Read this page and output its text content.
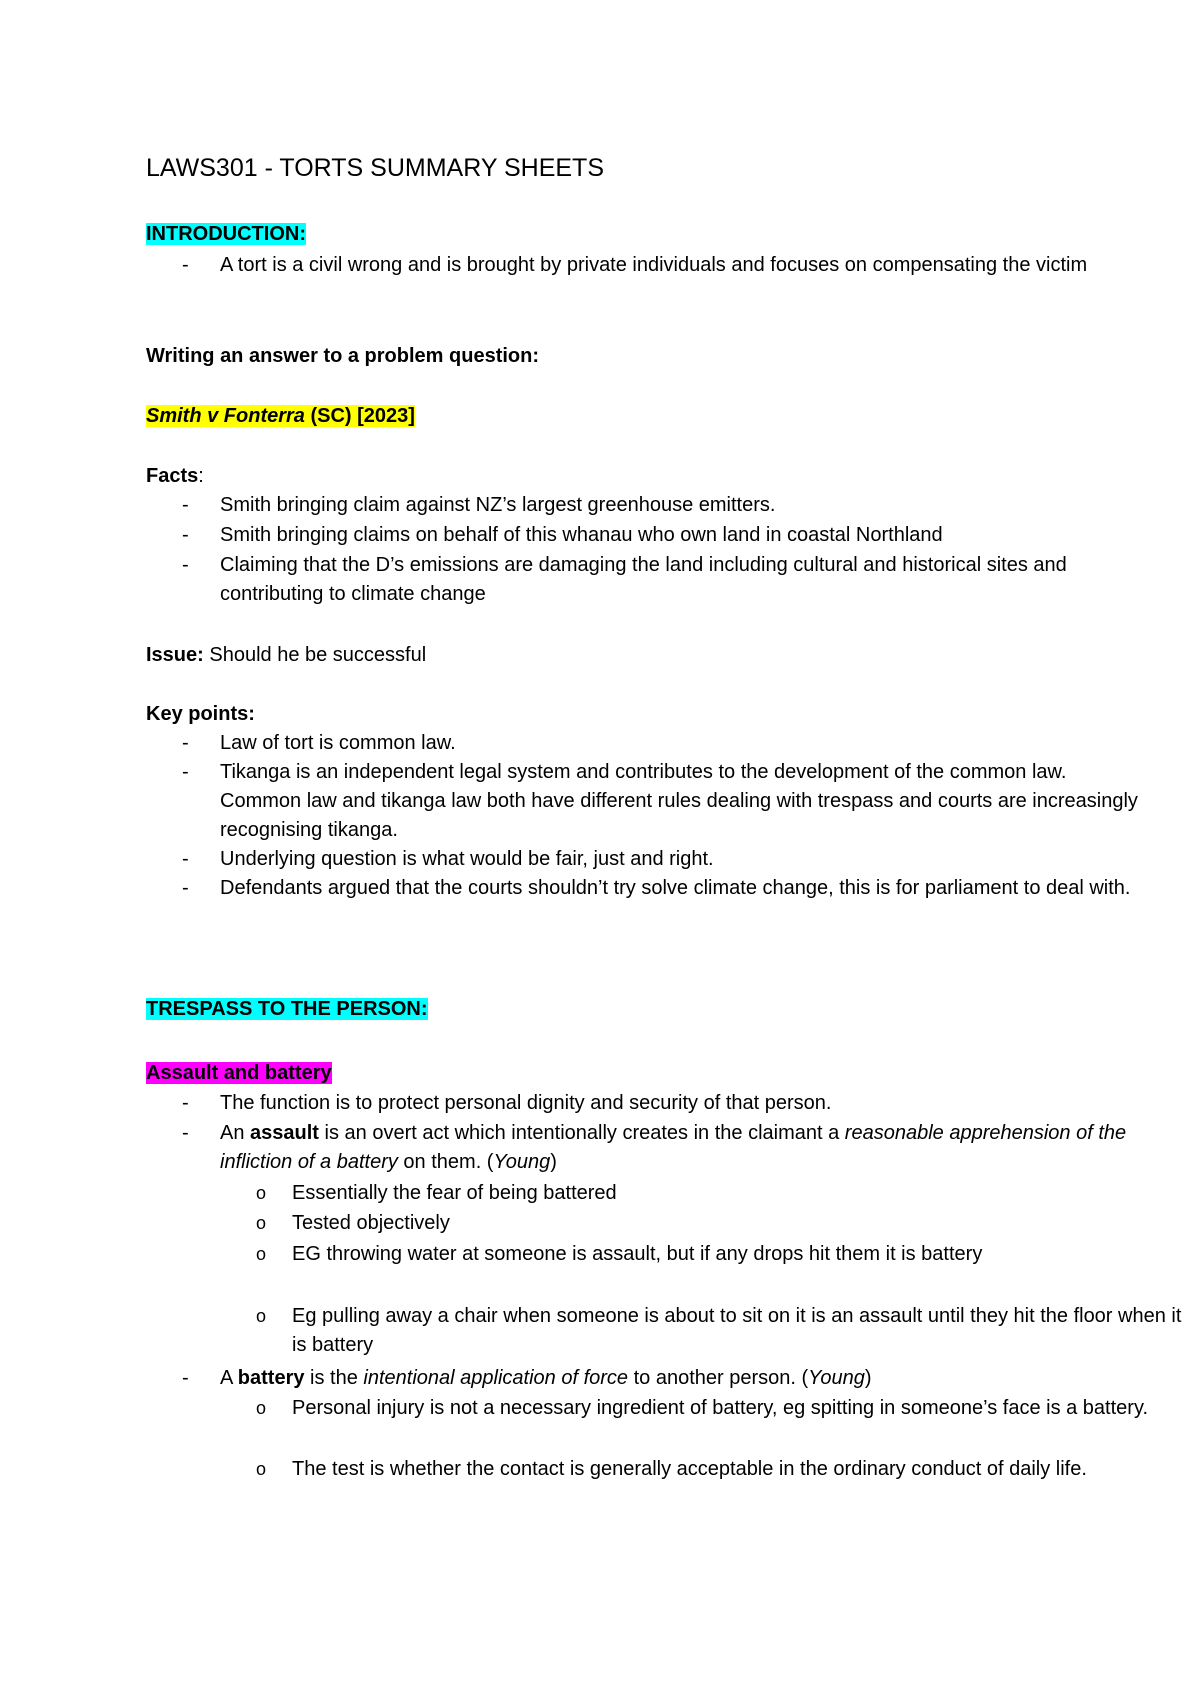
LAWS301 - TORTS SUMMARY SHEETS
INTRODUCTION:
- A tort is a civil wrong and is brought by private individuals and focuses on compensating the victim
Writing an answer to a problem question:
Smith v Fonterra (SC) [2023]
Facts:
- Smith bringing claim against NZ’s largest greenhouse emitters.
- Smith bringing claims on behalf of this whanau who own land in coastal Northland
- Claiming that the D’s emissions are damaging the land including cultural and historical sites and contributing to climate change
Issue: Should he be successful
Key points:
- Law of tort is common law.
- Tikanga is an independent legal system and contributes to the development of the common law. Common law and tikanga law both have different rules dealing with trespass and courts are increasingly recognising tikanga.
- Underlying question is what would be fair, just and right.
- Defendants argued that the courts shouldn’t try solve climate change, this is for parliament to deal with.
TRESPASS TO THE PERSON:
Assault and battery
- The function is to protect personal dignity and security of that person.
- An assault is an overt act which intentionally creates in the claimant a reasonable apprehension of the infliction of a battery on them. (Young)
o Essentially the fear of being battered
o Tested objectively
o EG throwing water at someone is assault, but if any drops hit them it is battery
o Eg pulling away a chair when someone is about to sit on it is an assault until they hit the floor when it is battery
- A battery is the intentional application of force to another person. (Young)
o Personal injury is not a necessary ingredient of battery, eg spitting in someone’s face is a battery.
o The test is whether the contact is generally acceptable in the ordinary conduct of daily life.
